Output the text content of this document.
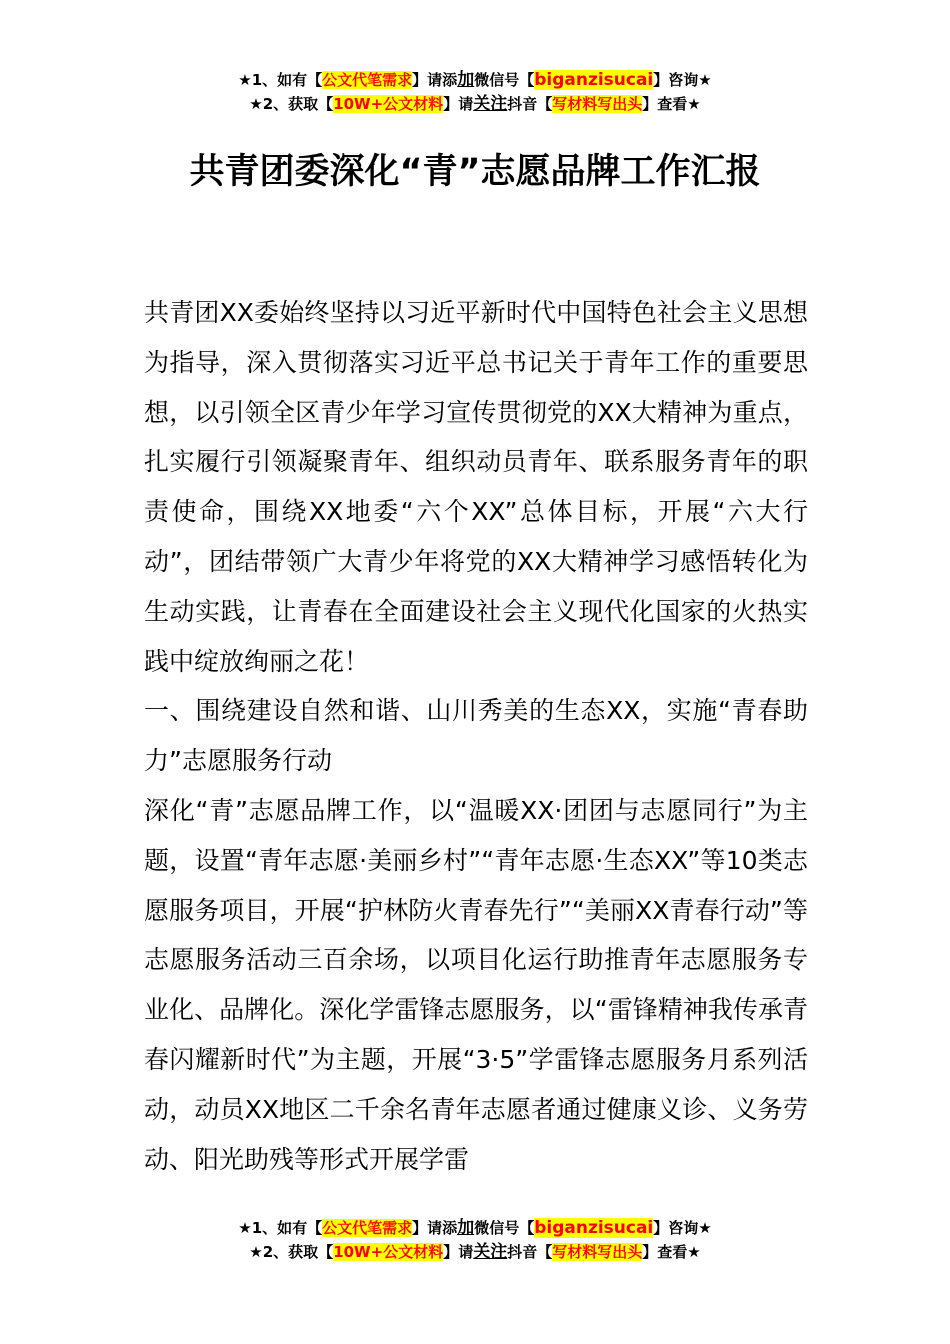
★1、如有【公文代笔需求】请添加微信号【biganzisucai】咨询★
★2、获取【10W+公文材料】请关注抖音【写材料写出头】查看★
共青团委深化“青”志愿品牌工作汇报

共青团XX委始终坚持以习近平新时代中国特色社会主义思想为指导，深入贯彻落实习近平总书记关于青年工作的重要思想，以引领全区青少年学习宣传贯彻党的XX大精神为重点，扎实履行引领凝聚青年、组织动员青年、联系服务青年的职责使命，围绕XX地委“六个XX”总体目标，开展“六大行动”，团结带领广大青少年将党的XX大精神学习感悟转化为生动实践，让青春在全面建设社会主义现代化国家的火热实践中绽放绚丽之花！

一、围绕建设自然和谐、山川秀美的生态XX，实施“青春助力”志愿服务行动

深化“青”志愿品牌工作，以“温暖XX·团团与志愿同行”为主题，设置“青年志愿·美丽乡村”“青年志愿·生态XX”等10类志愿服务项目，开展“护林防火青春先行”“美丽XX青春行动”等志愿服务活动三百余场，以项目化运行助推青年志愿服务专业化、品牌化。深化学雷锋志愿服务，以“雷锋精神我传承青春闪耀新时代”为主题，开展“3·5”学雷锋志愿服务月系列活动，动员XX地区二千余名青年志愿者通过健康义诊、义务劳动、阳光助残等形式开展学雷

★1、如有【公文代笔需求】请添加微信号【biganzisucai】咨询★
★2、获取【10W+公文材料】请关注抖音【写材料写出头】查看★
